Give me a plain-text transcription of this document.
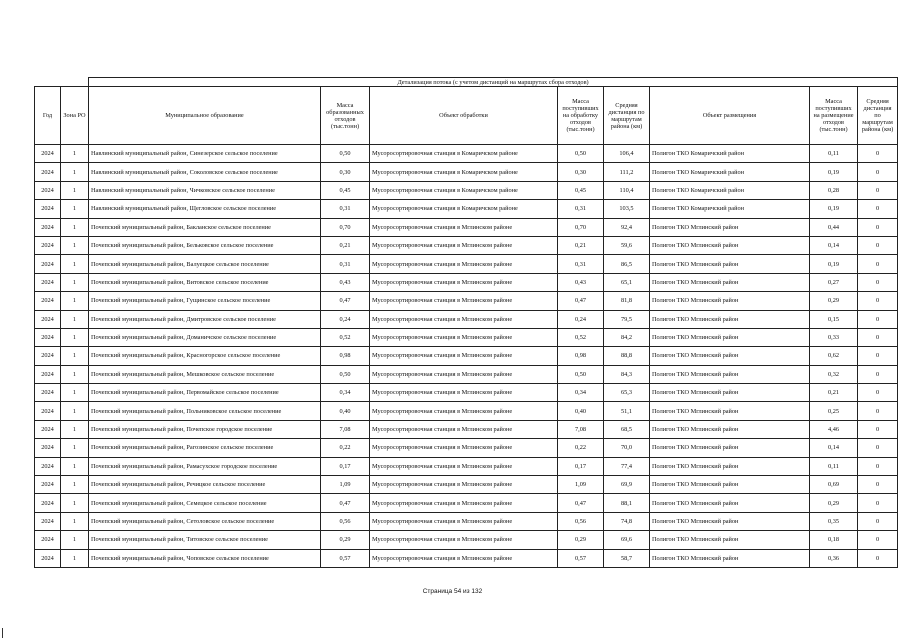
		Детализация потока (с учетом дистанций на маршрутах сбора отходов)							
Год	Зона РО	Муниципальное образование	Масса образованных отходов (тыс.тонн)	Объект обработки	Масса поступивших на обработку отходов (тыс.тонн)	Средняя дистанция по маршрутам района (км)	Объект размещения	Масса поступивших на размещение отходов (тыс.тонн)	Средняя дистанция по маршрутам района (км)
2024	1	Навлинский муниципальный район, Синезерское сельское поселение	0,50	Мусоросортировочная станция в Комаричском районе	0,50	106,4	Полигон ТКО Комаричский район	0,11	0
2024	1	Навлинский муниципальный район, Соколовское сельское поселение	0,30	Мусоросортировочная станция в Комаричском районе	0,30	111,2	Полигон ТКО Комаричский район	0,19	0
2024	1	Навлинский муниципальный район, Чичковское сельское поселение	0,45	Мусоросортировочная станция в Комаричском районе	0,45	110,4	Полигон ТКО Комаричский район	0,28	0
2024	1	Навлинский муниципальный район, Щегловское сельское поселение	0,31	Мусоросортировочная станция в Комаричском районе	0,31	103,5	Полигон ТКО Комаричский район	0,19	0
2024	1	Почепский муниципальный район, Бакланское сельское поселение	0,70	Мусоросортировочная станция в Мглинском районе	0,70	92,4	Полигон ТКО Мглинский район	0,44	0
2024	1	Почепский муниципальный район, Бельковское сельское поселение	0,21	Мусоросортировочная станция в Мглинском районе	0,21	59,6	Полигон ТКО Мглинский район	0,14	0
2024	1	Почепский муниципальный район, Валуецкое сельское поселение	0,31	Мусоросортировочная станция в Мглинском районе	0,31	86,5	Полигон ТКО Мглинский район	0,19	0
2024	1	Почепский муниципальный район, Витовское сельское поселение	0,43	Мусоросортировочная станция в Мглинском районе	0,43	65,1	Полигон ТКО Мглинский район	0,27	0
2024	1	Почепский муниципальный район, Гущинское сельское поселение	0,47	Мусоросортировочная станция в Мглинском районе	0,47	81,8	Полигон ТКО Мглинский район	0,29	0
2024	1	Почепский муниципальный район, Дмитровское сельское поселение	0,24	Мусоросортировочная станция в Мглинском районе	0,24	79,5	Полигон ТКО Мглинский район	0,15	0
2024	1	Почепский муниципальный район, Доманичское сельское поселение	0,52	Мусоросортировочная станция в Мглинском районе	0,52	84,2	Полигон ТКО Мглинский район	0,33	0
2024	1	Почепский муниципальный район, Красногорское сельское поселение	0,98	Мусоросортировочная станция в Мглинском районе	0,98	88,8	Полигон ТКО Мглинский район	0,62	0
2024	1	Почепский муниципальный район, Мешковское сельское поселение	0,50	Мусоросортировочная станция в Мглинском районе	0,50	84,3	Полигон ТКО Мглинский район	0,32	0
2024	1	Почепский муниципальный район, Первомайское сельское поселение	0,34	Мусоросортировочная станция в Мглинском районе	0,34	65,3	Полигон ТКО Мглинский район	0,21	0
2024	1	Почепский муниципальный район, Польниковское сельское поселение	0,40	Мусоросортировочная станция в Мглинском районе	0,40	51,1	Полигон ТКО Мглинский район	0,25	0
2024	1	Почепский муниципальный район, Почепское городское поселение	7,08	Мусоросортировочная станция в Мглинском районе	7,08	68,5	Полигон ТКО Мглинский район	4,46	0
2024	1	Почепский муниципальный район, Рагозинское сельское поселение	0,22	Мусоросортировочная станция в Мглинском районе	0,22	70,0	Полигон ТКО Мглинский район	0,14	0
2024	1	Почепский муниципальный район, Рамасухское городское поселение	0,17	Мусоросортировочная станция в Мглинском районе	0,17	77,4	Полигон ТКО Мглинский район	0,11	0
2024	1	Почепский муниципальный район, Речицкое сельское поселение	1,09	Мусоросортировочная станция в Мглинском районе	1,09	69,9	Полигон ТКО Мглинский район	0,69	0
2024	1	Почепский муниципальный район, Семецкое сельское поселение	0,47	Мусоросортировочная станция в Мглинском районе	0,47	88,1	Полигон ТКО Мглинский район	0,29	0
2024	1	Почепский муниципальный район, Сетоловское сельское поселение	0,56	Мусоросортировочная станция в Мглинском районе	0,56	74,8	Полигон ТКО Мглинский район	0,35	0
2024	1	Почепский муниципальный район, Титовское сельское поселение	0,29	Мусоросортировочная станция в Мглинском районе	0,29	69,6	Полигон ТКО Мглинский район	0,18	0
2024	1	Почепский муниципальный район, Чоповское сельское поселение	0,57	Мусоросортировочная станция в Мглинском районе	0,57	58,7	Полигон ТКО Мглинский район	0,36	0
Страница 54 из 132
